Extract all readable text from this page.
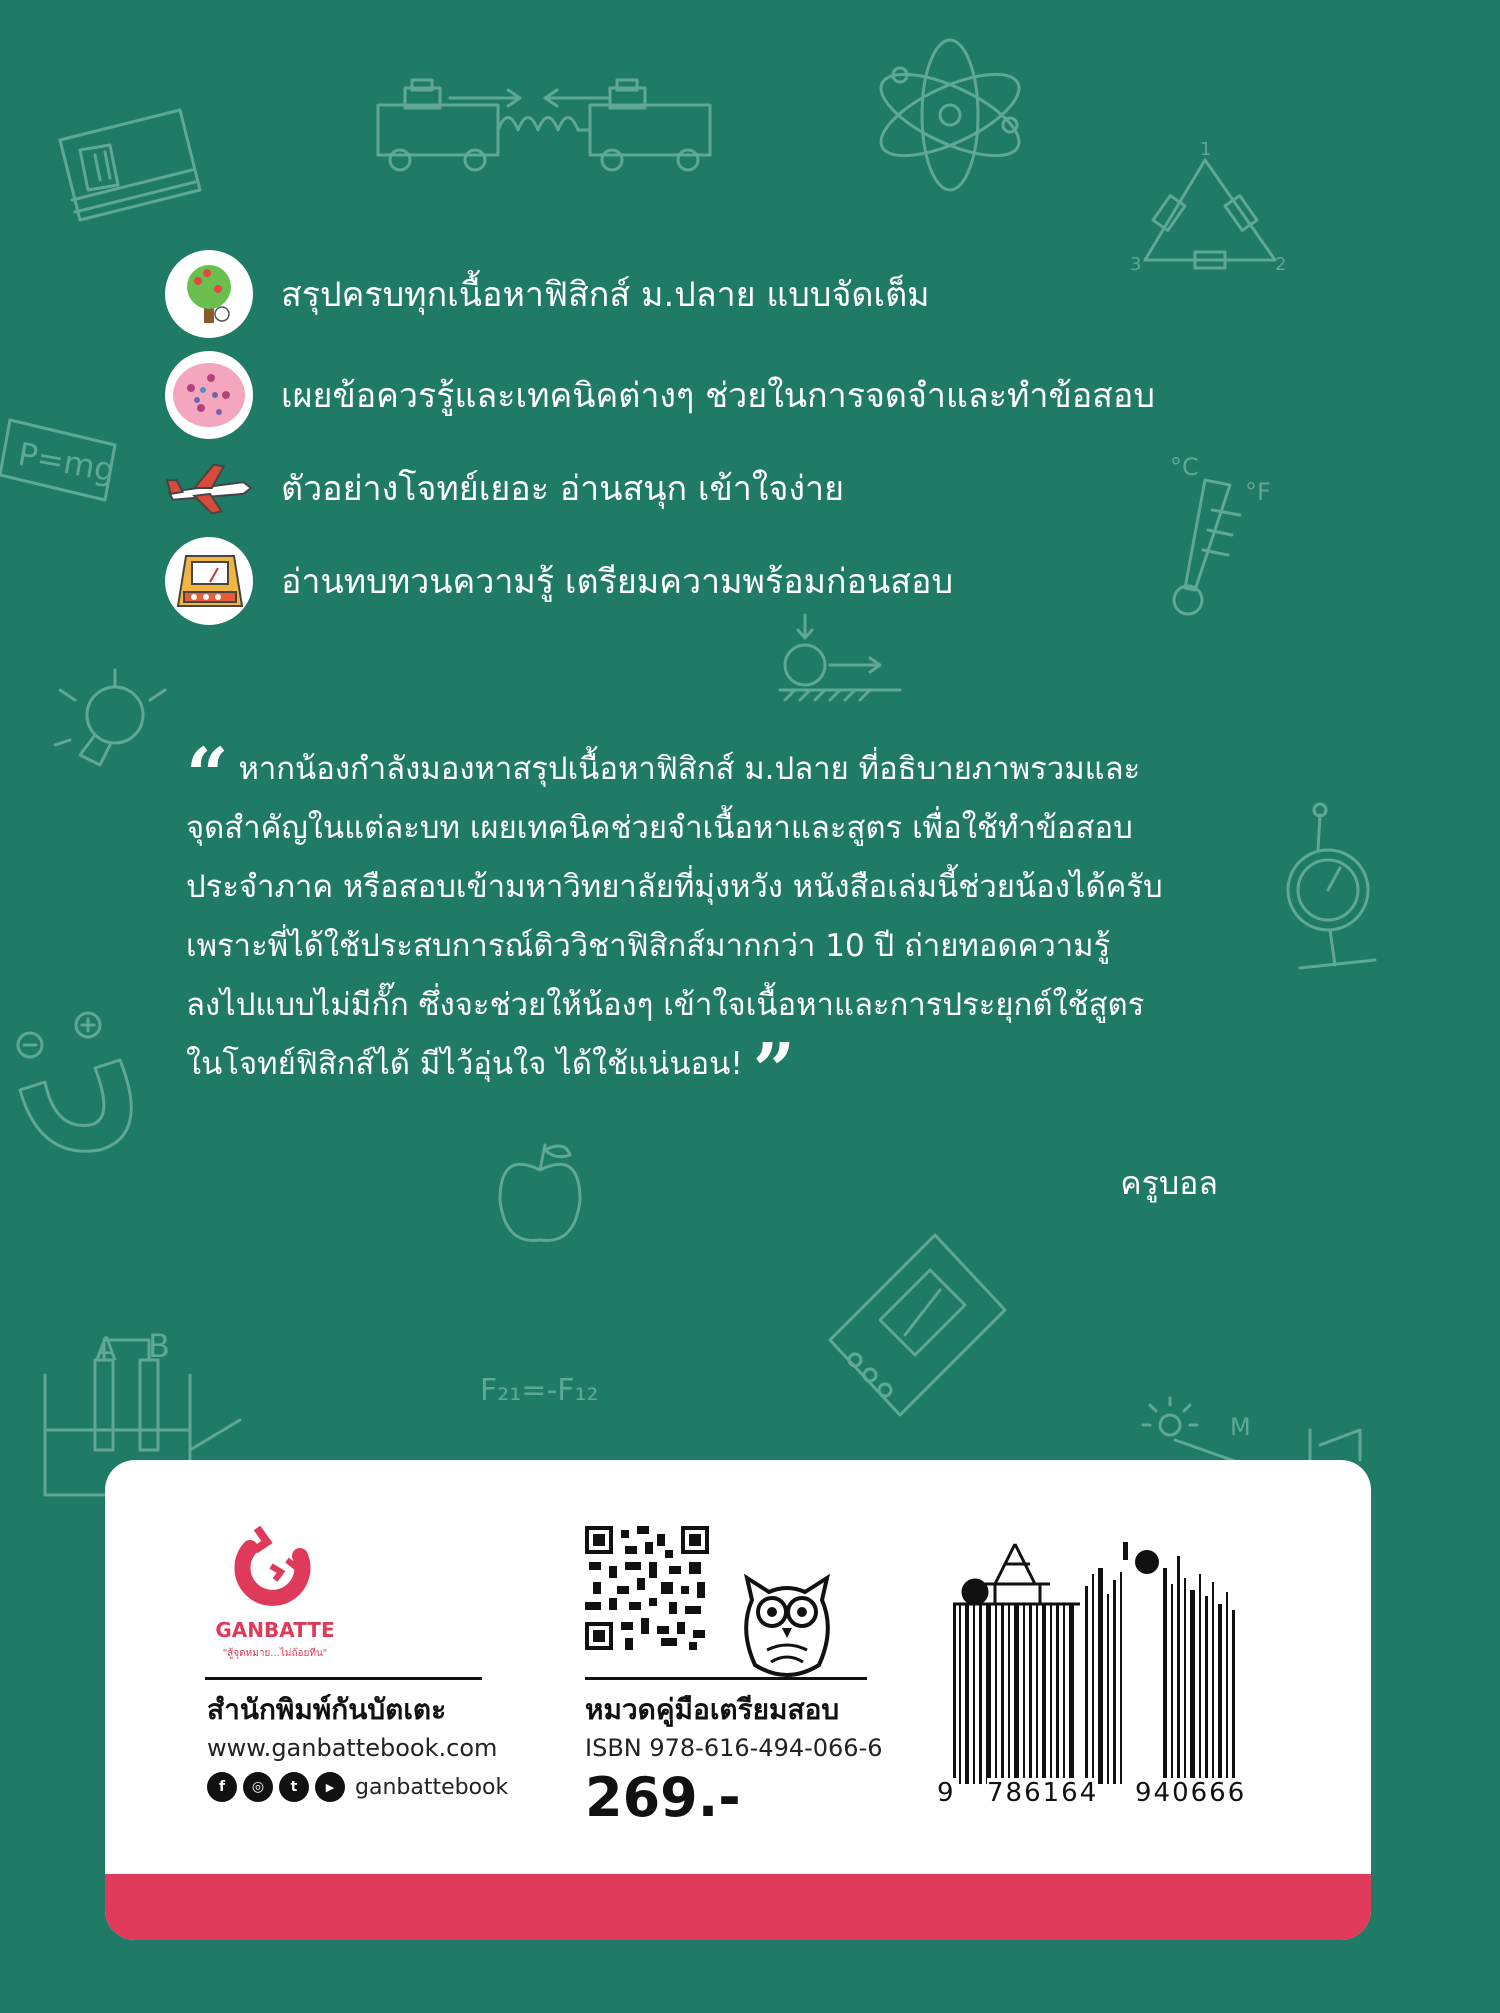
1
3	2
P=mg	°C
°F
A B
F₂₁=-F₁₂
M
สรุปครบทุกเนื้อหาฟิสิกส์ ม.ปลาย แบบจัดเต็ม
เผยข้อควรรู้และเทคนิคต่างๆ ช่วยในการจดจำและทำข้อสอบ
ตัวอย่างโจทย์เยอะ อ่านสนุก เข้าใจง่าย
อ่านทบทวนความรู้ เตรียมความพร้อมก่อนสอบ
“ หากน้องกำลังมองหาสรุปเนื้อหาฟิสิกส์ ม.ปลาย ที่อธิบายภาพรวมและ
จุดสำคัญในแต่ละบท เผยเทคนิคช่วยจำเนื้อหาและสูตร เพื่อใช้ทำข้อสอบ
ประจำภาค หรือสอบเข้ามหาวิทยาลัยที่มุ่งหวัง หนังสือเล่มนี้ช่วยน้องได้ครับ
เพราะพี่ได้ใช้ประสบการณ์ติววิชาฟิสิกส์มากกว่า 10 ปี ถ่ายทอดความรู้
ลงไปแบบไม่มีกั๊ก ซึ่งจะช่วยให้น้องๆ เข้าใจเนื้อหาและการประยุกต์ใช้สูตร
ในโจทย์ฟิสิกส์ได้ มีไว้อุ่นใจ ได้ใช้แน่นอน! ”
ครูบอล
GANBATTE
"สู้จุดหมาย...ไม่ถ้อยทีน"
สำนักพิมพ์กันบัตเตะ
www.ganbattebook.com
f	◎	t	▶ ganbattebook
หมวดคู่มือเตรียมสอบ
ISBN 978-616-494-066-6
269.-	9 786164 940666
